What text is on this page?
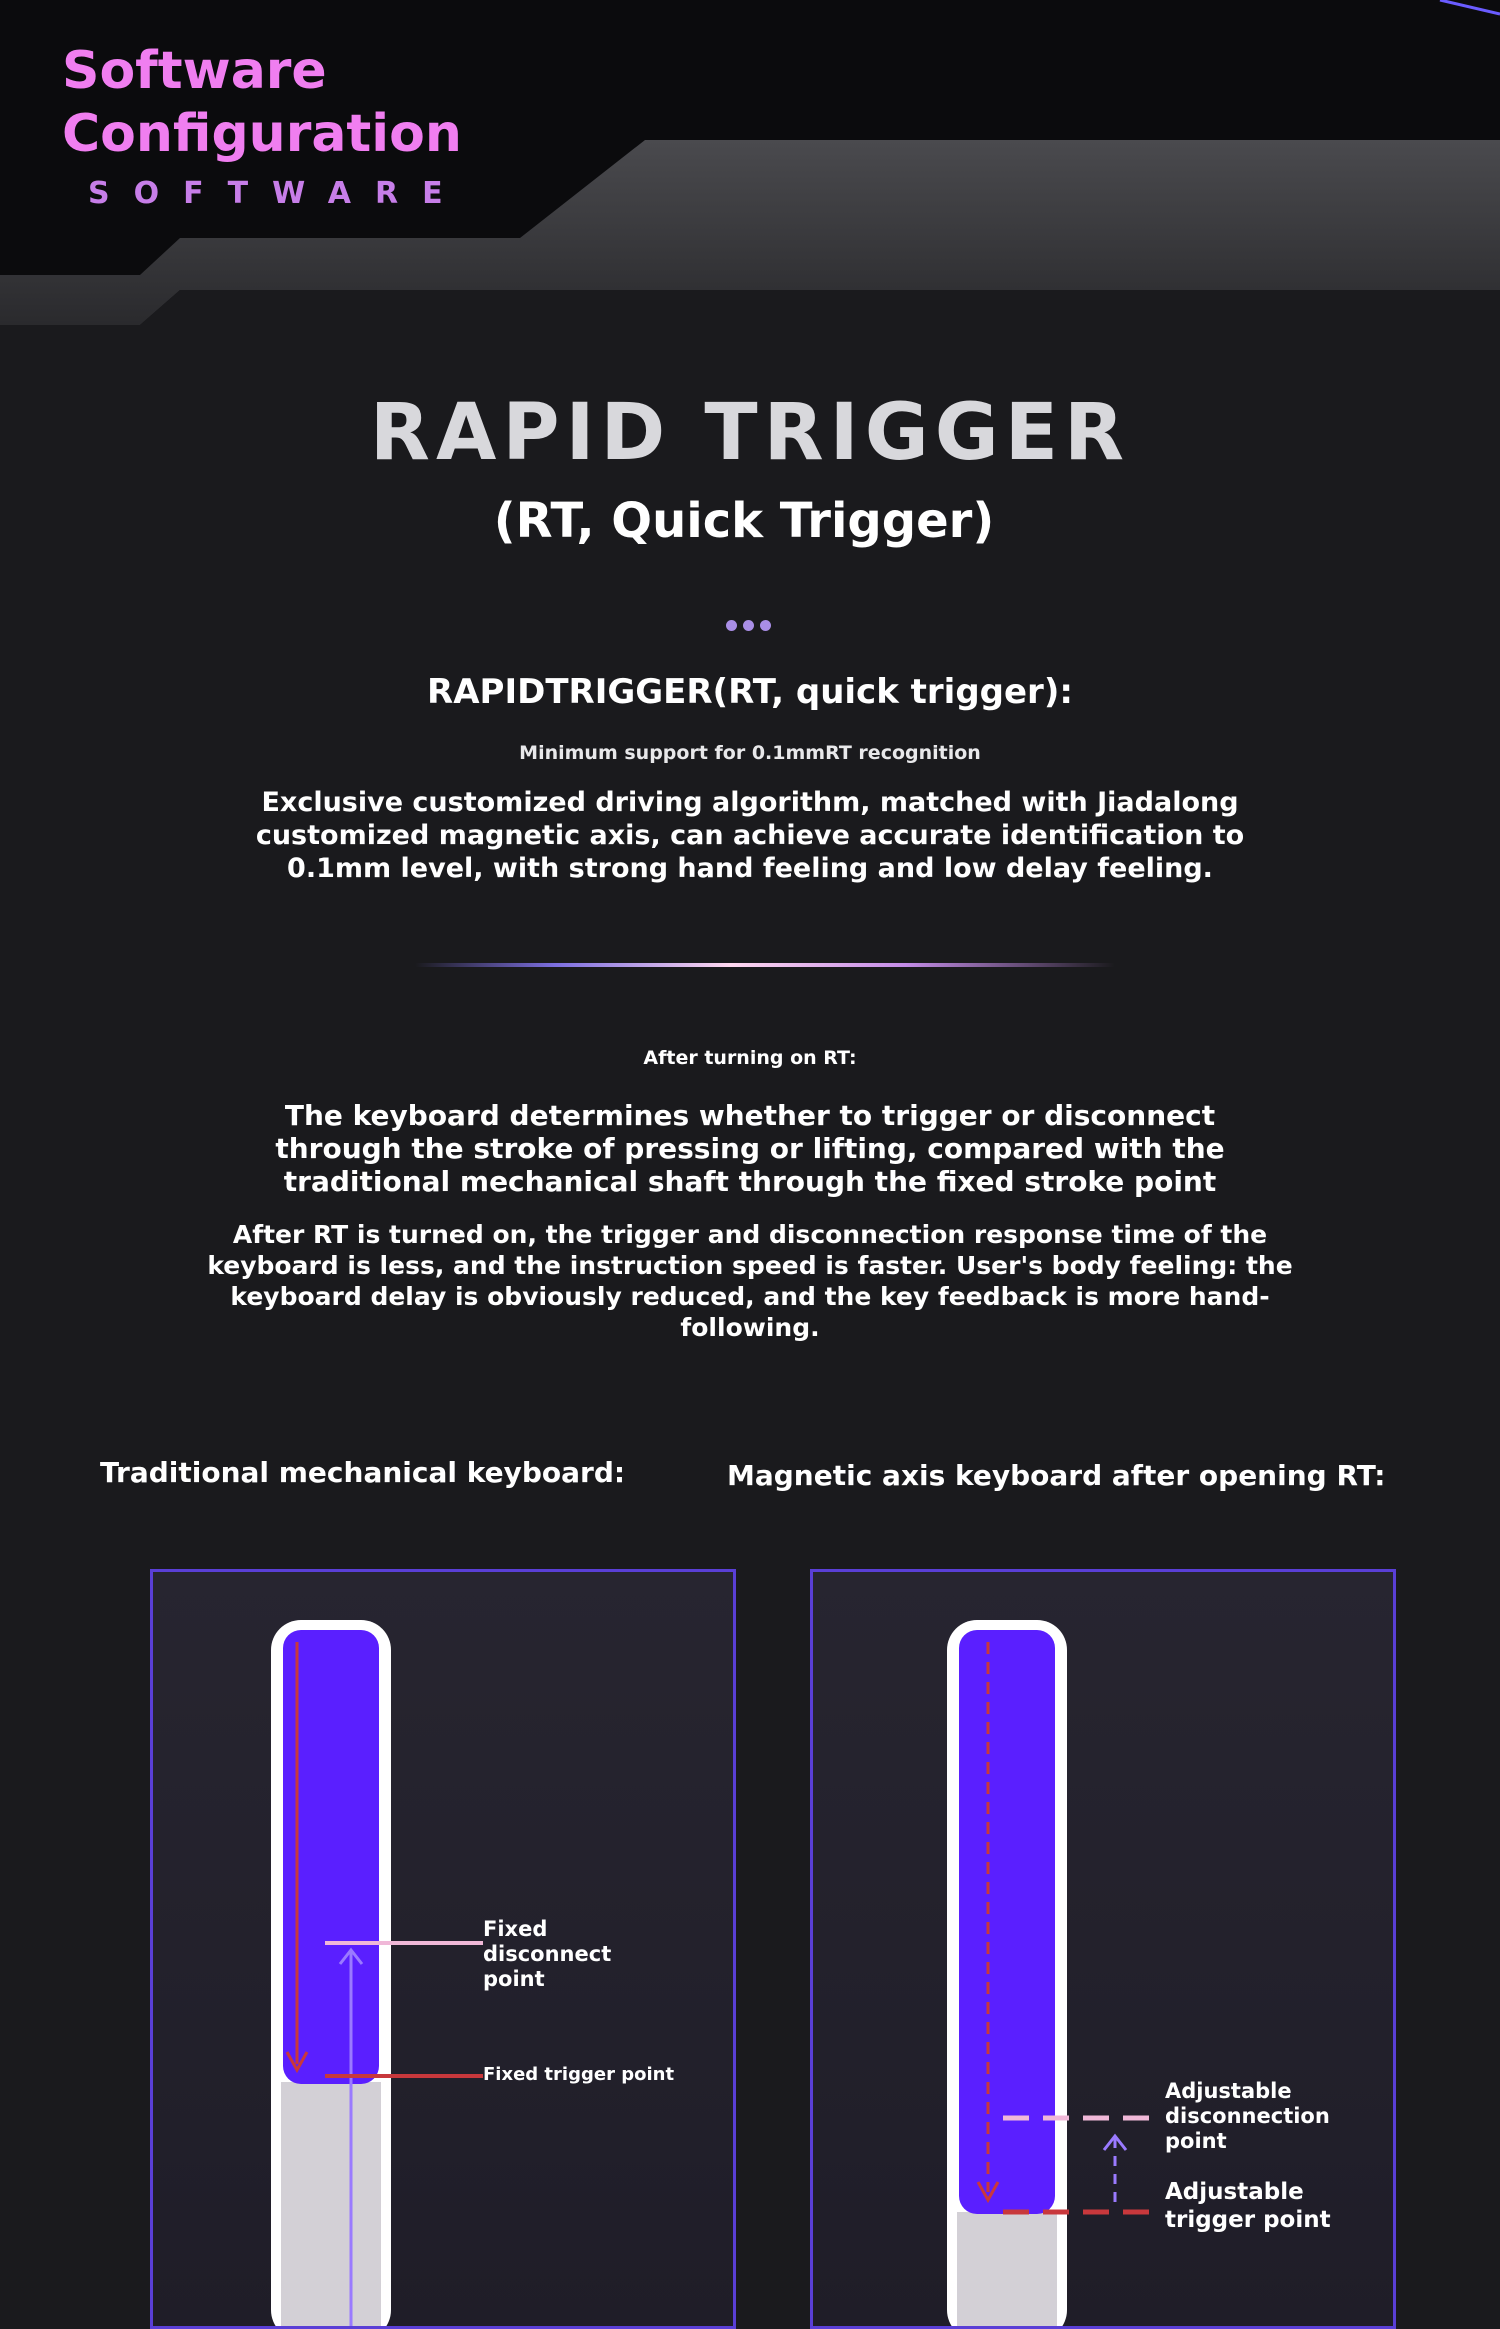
Software
Configuration
SOFTWARE
RAPID TRIGGER
(RT, Quick Trigger)
RAPIDTRIGGER(RT, quick trigger):
Minimum support for 0.1mmRT recognition
Exclusive customized driving algorithm, matched with Jiadalong customized magnetic axis, can achieve accurate identification to 0.1mm level, with strong hand feeling and low delay feeling.
After turning on RT:
The keyboard determines whether to trigger or disconnect through the stroke of pressing or lifting, compared with the traditional mechanical shaft through the fixed stroke point
After RT is turned on, the trigger and disconnection response time of the keyboard is less, and the instruction speed is faster. User's body feeling: the keyboard delay is obviously reduced, and the key feedback is more hand-following.
Traditional mechanical keyboard:	Magnetic axis keyboard after opening RT:
Fixed disconnect point
Fixed trigger point
Adjustable disconnection point
Adjustable trigger point
